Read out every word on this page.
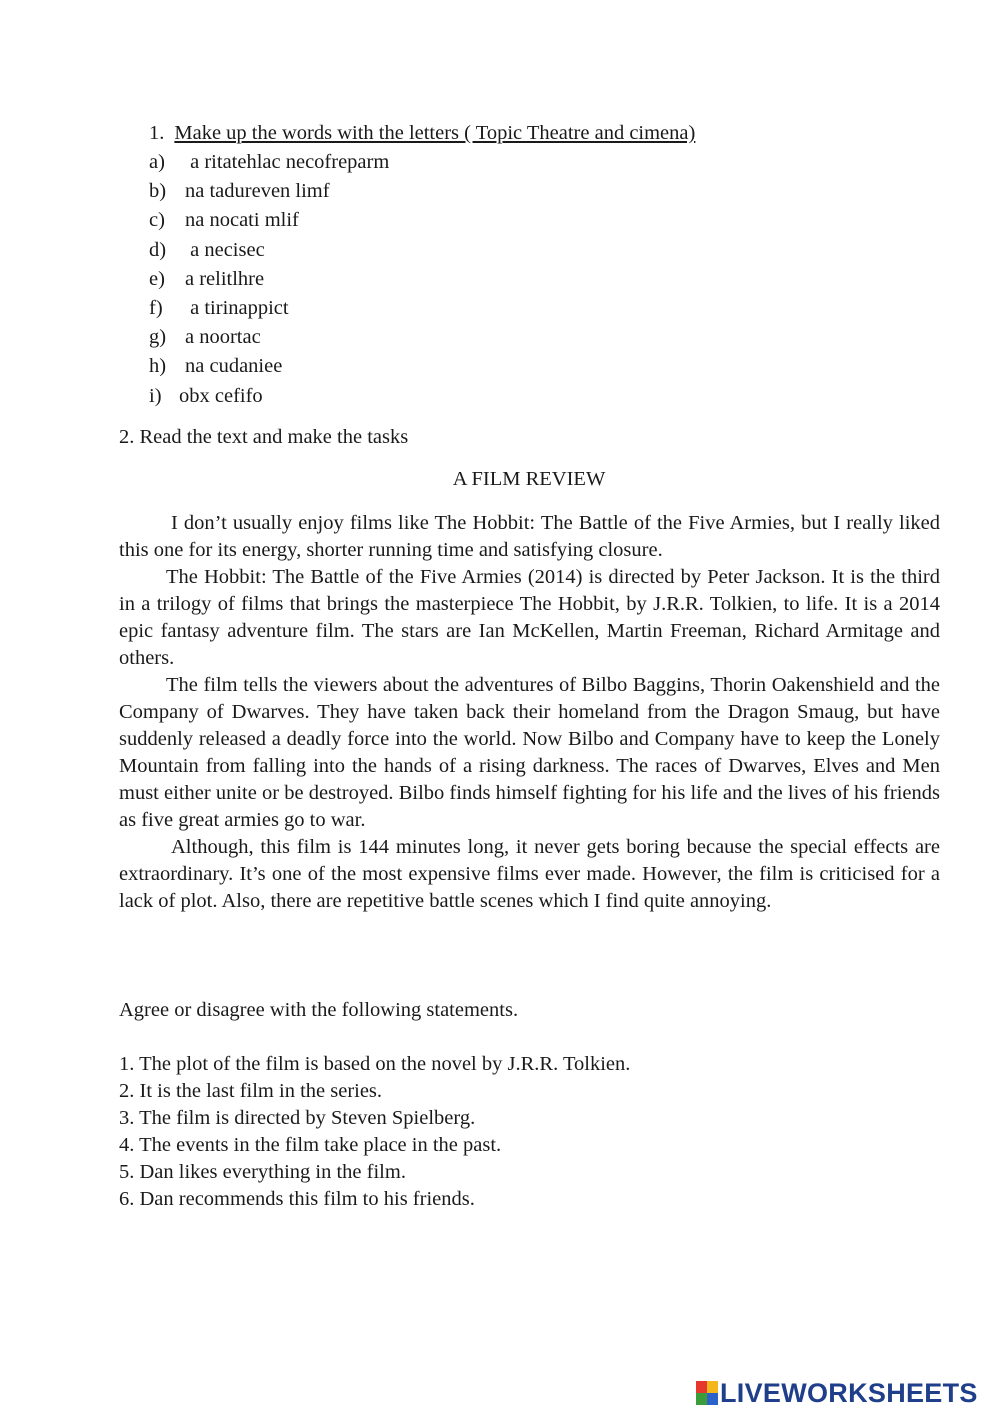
1. Make up the words with the letters ( Topic Theatre and cimena)
a) a ritatehlac necofreparm
b) na tadureven limf
c) na nocati mlif
d) a necisec
e) a relitlhre
f) a tirinappict
g) a noortac
h) na cudaniee
i) obx cefifo
2. Read the text and make the tasks
A FILM REVIEW

I don’t usually enjoy films like The Hobbit: The Battle of the Five Armies, but I really liked this one for its energy, shorter running time and satisfying closure.

The Hobbit: The Battle of the Five Armies (2014) is directed by Peter Jackson. It is the third in a trilogy of films that brings the masterpiece The Hobbit, by J.R.R. Tolkien, to life. It is a 2014 epic fantasy adventure film. The stars are Ian McKellen, Martin Freeman, Richard Armitage and others.

The film tells the viewers about the adventures of Bilbo Baggins, Thorin Oakenshield and the Company of Dwarves. They have taken back their homeland from the Dragon Smaug, but have suddenly released a deadly force into the world. Now Bilbo and Company have to keep the Lonely Mountain from falling into the hands of a rising darkness. The races of Dwarves, Elves and Men must either unite or be destroyed. Bilbo finds himself fighting for his life and the lives of his friends as five great armies go to war.

Although, this film is 144 minutes long, it never gets boring because the special effects are extraordinary. It’s one of the most expensive films ever made. However, the film is criticised for a lack of plot. Also, there are repetitive battle scenes which I find quite annoying.

Agree or disagree with the following statements.
1. The plot of the film is based on the novel by J.R.R. Tolkien.
2. It is the last film in the series.
3. The film is directed by Steven Spielberg.
4. The events in the film take place in the past.
5. Dan likes everything in the film.
6. Dan recommends this film to his friends.
LIVEWORKSHEETS
